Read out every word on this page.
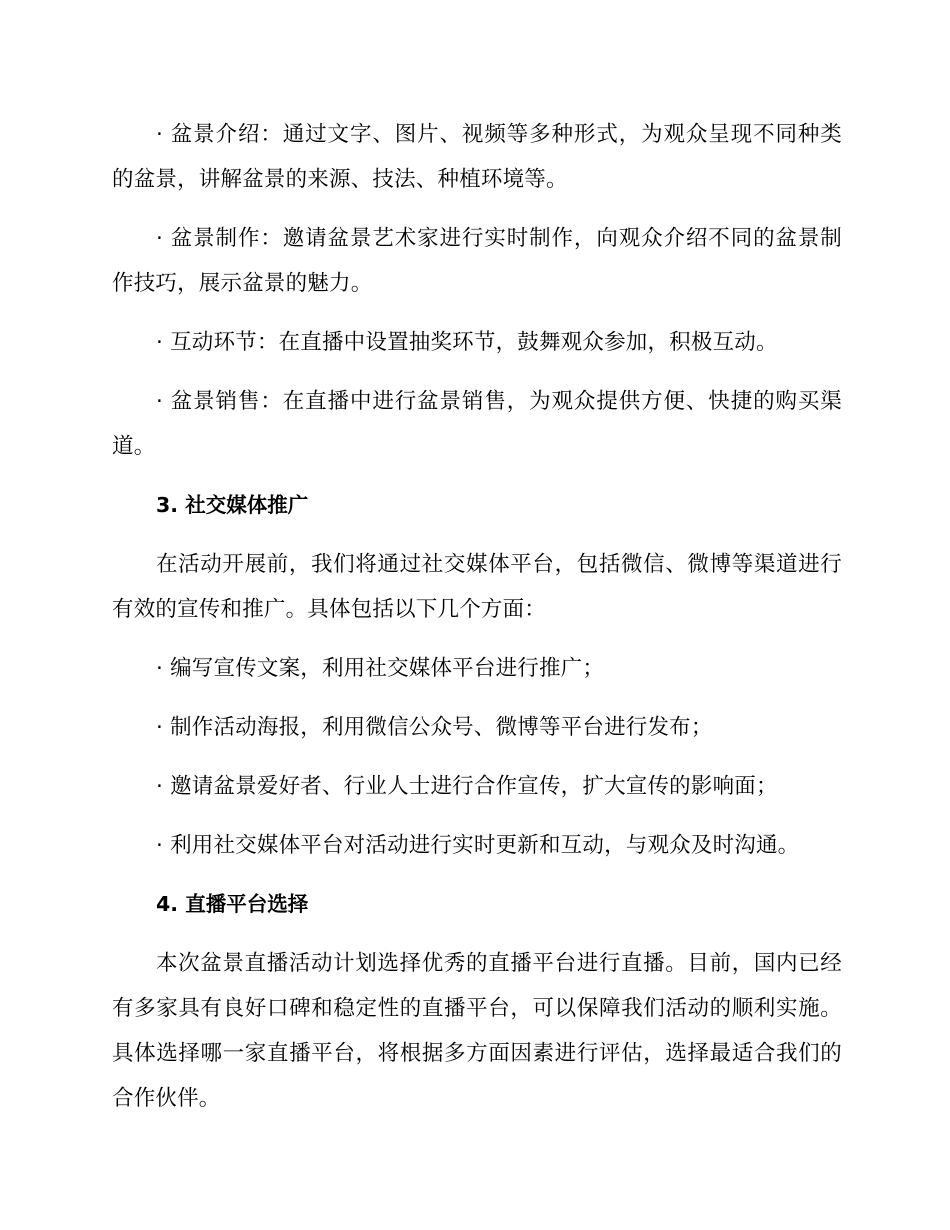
· 盆景介绍：通过文字、图片、视频等多种形式，为观众呈现不同种类的盆景，讲解盆景的来源、技法、种植环境等。

· 盆景制作：邀请盆景艺术家进行实时制作，向观众介绍不同的盆景制作技巧，展示盆景的魅力。

· 互动环节：在直播中设置抽奖环节，鼓舞观众参加，积极互动。

· 盆景销售：在直播中进行盆景销售，为观众提供方便、快捷的购买渠道。

3. 社交媒体推广

在活动开展前，我们将通过社交媒体平台，包括微信、微博等渠道进行有效的宣传和推广。具体包括以下几个方面：

· 编写宣传文案，利用社交媒体平台进行推广；

· 制作活动海报，利用微信公众号、微博等平台进行发布；

· 邀请盆景爱好者、行业人士进行合作宣传，扩大宣传的影响面；

· 利用社交媒体平台对活动进行实时更新和互动，与观众及时沟通。

4. 直播平台选择

本次盆景直播活动计划选择优秀的直播平台进行直播。目前，国内已经有多家具有良好口碑和稳定性的直播平台，可以保障我们活动的顺利实施。具体选择哪一家直播平台，将根据多方面因素进行评估，选择最适合我们的合作伙伴。
